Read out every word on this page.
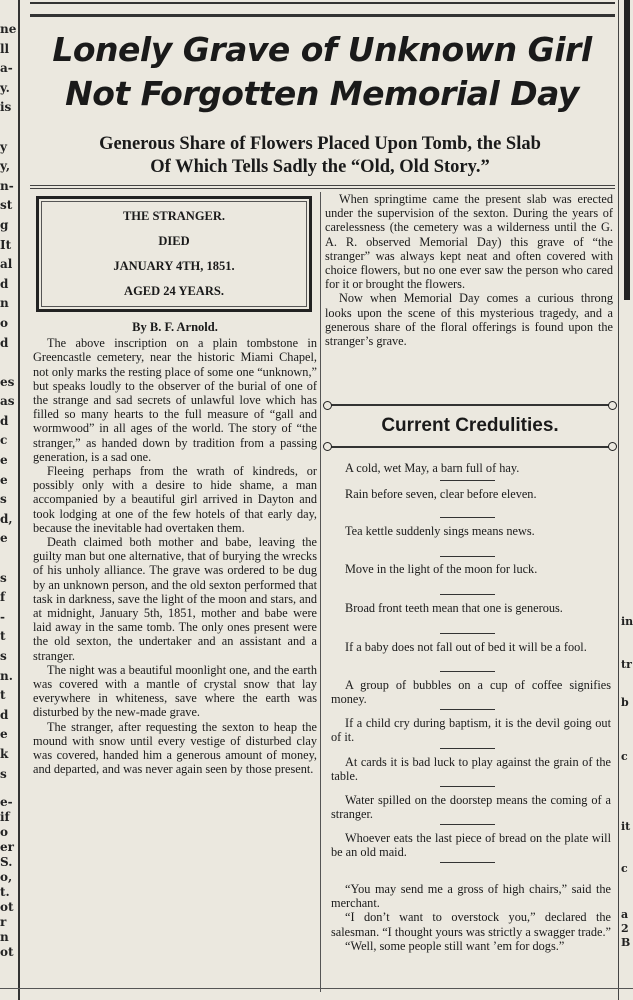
ne
ll
a-
y.
is
y
y,
n-
st
g
It
al
d
n
o
d
es
as
d
c
e
e
s
d,
e
s
f
-
t
s
n.
t
d
e
k
s
e-
if
o
er
S.
o,
t.
ot
r
n
ot
in
tr
b
c
it
c
a
2
B
Lonely Grave of Unknown Girl
Not Forgotten Memorial Day
Generous Share of Flowers Placed Upon Tomb, the Slab
Of Which Tells Sadly the “Old, Old Story.”
THE STRANGER.
DIED
JANUARY 4TH, 1851.
AGED 24 YEARS.

By B. F. Arnold.

The above inscription on a plain tombstone in Greencastle cemetery, near the historic Miami Chapel, not only marks the resting place of some one “unknown,” but speaks loudly to the observer of the burial of one of the strange and sad secrets of unlawful love which has filled so many hearts to the full measure of “gall and wormwood” in all ages of the world. The story of “the stranger,” as handed down by tradition from a passing generation, is a sad one.

Fleeing perhaps from the wrath of kindreds, or possibly only with a desire to hide shame, a man accompanied by a beautiful girl arrived in Dayton and took lodging at one of the few hotels of that early day, because the inevitable had overtaken them.

Death claimed both mother and babe, leaving the guilty man but one alternative, that of burying the wrecks of his unholy alliance. The grave was ordered to be dug by an unknown person, and the old sexton performed that task in darkness, save the light of the moon and stars, and at midnight, January 5th, 1851, mother and babe were laid away in the same tomb. The only ones present were the old sexton, the undertaker and an assistant and a stranger.

The night was a beautiful moonlight one, and the earth was covered with a mantle of crystal snow that lay everywhere in whiteness, save where the earth was disturbed by the new-made grave.

The stranger, after requesting the sexton to heap the mound with snow until every vestige of disturbed clay was covered, handed him a generous amount of money, and departed, and was never again seen by those present.

When springtime came the present slab was erected under the supervision of the sexton. During the years of carelessness (the cemetery was a wilderness until the G. A. R. observed Memorial Day) this grave of “the stranger” was always kept neat and often covered with choice flowers, but no one ever saw the person who cared for it or brought the flowers.

Now when Memorial Day comes a curious throng looks upon the scene of this mysterious tragedy, and a generous share of the floral offerings is found upon the stranger’s grave.

Current Credulities.
A cold, wet May, a barn full of hay.
Rain before seven, clear before eleven.
Tea kettle suddenly sings means news.
Move in the light of the moon for luck.
Broad front teeth mean that one is generous.
If a baby does not fall out of bed it will be a fool.
A group of bubbles on a cup of coffee signifies money.
If a child cry during baptism, it is the devil going out of it.
At cards it is bad luck to play against the grain of the table.
Water spilled on the doorstep means the coming of a stranger.
Whoever eats the last piece of bread on the plate will be an old maid.

“You may send me a gross of high chairs,” said the merchant.

“I don’t want to overstock you,” declared the salesman. “I thought yours was strictly a swagger trade.”

“Well, some people still want ’em for dogs.”
